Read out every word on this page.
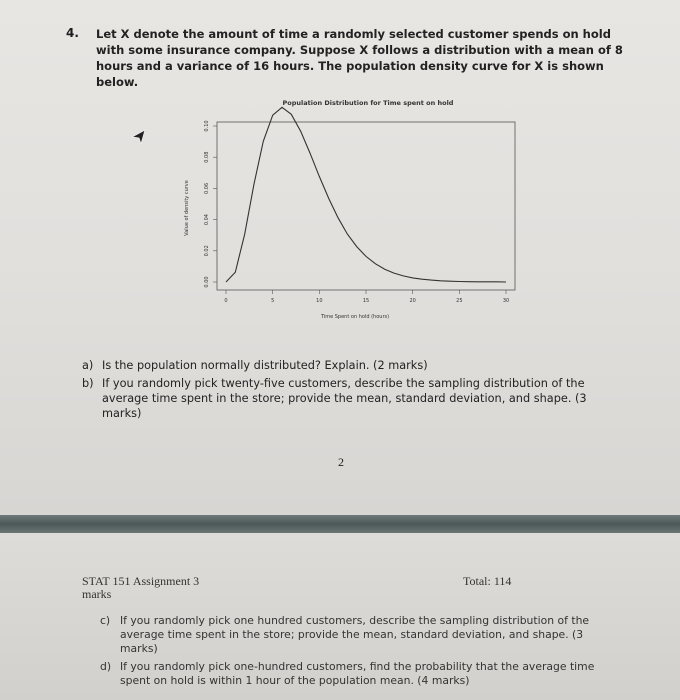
4. Let X denote the amount of time a randomly selected customer spends on hold with some insurance company. Suppose X follows a distribution with a mean of 8 hours and a variance of 16 hours. The population density curve for X is shown below.
Population Distribution for Time spent on hold
0.00
0.02
0.04
0.06
0.08
0.10
0	5	10	15	20	25	30
Value of density curve
Time Spent on hold (hours)
a) Is the population normally distributed? Explain. (2 marks)
b) If you randomly pick twenty-five customers, describe the sampling distribution of the average time spent in the store; provide the mean, standard deviation, and shape. (3 marks)
2
STAT 151 Assignment 3
marks
Total: 114
c) If you randomly pick one hundred customers, describe the sampling distribution of the average time spent in the store; provide the mean, standard deviation, and shape. (3 marks)
d) If you randomly pick one-hundred customers, find the probability that the average time spent on hold is within 1 hour of the population mean. (4 marks)
